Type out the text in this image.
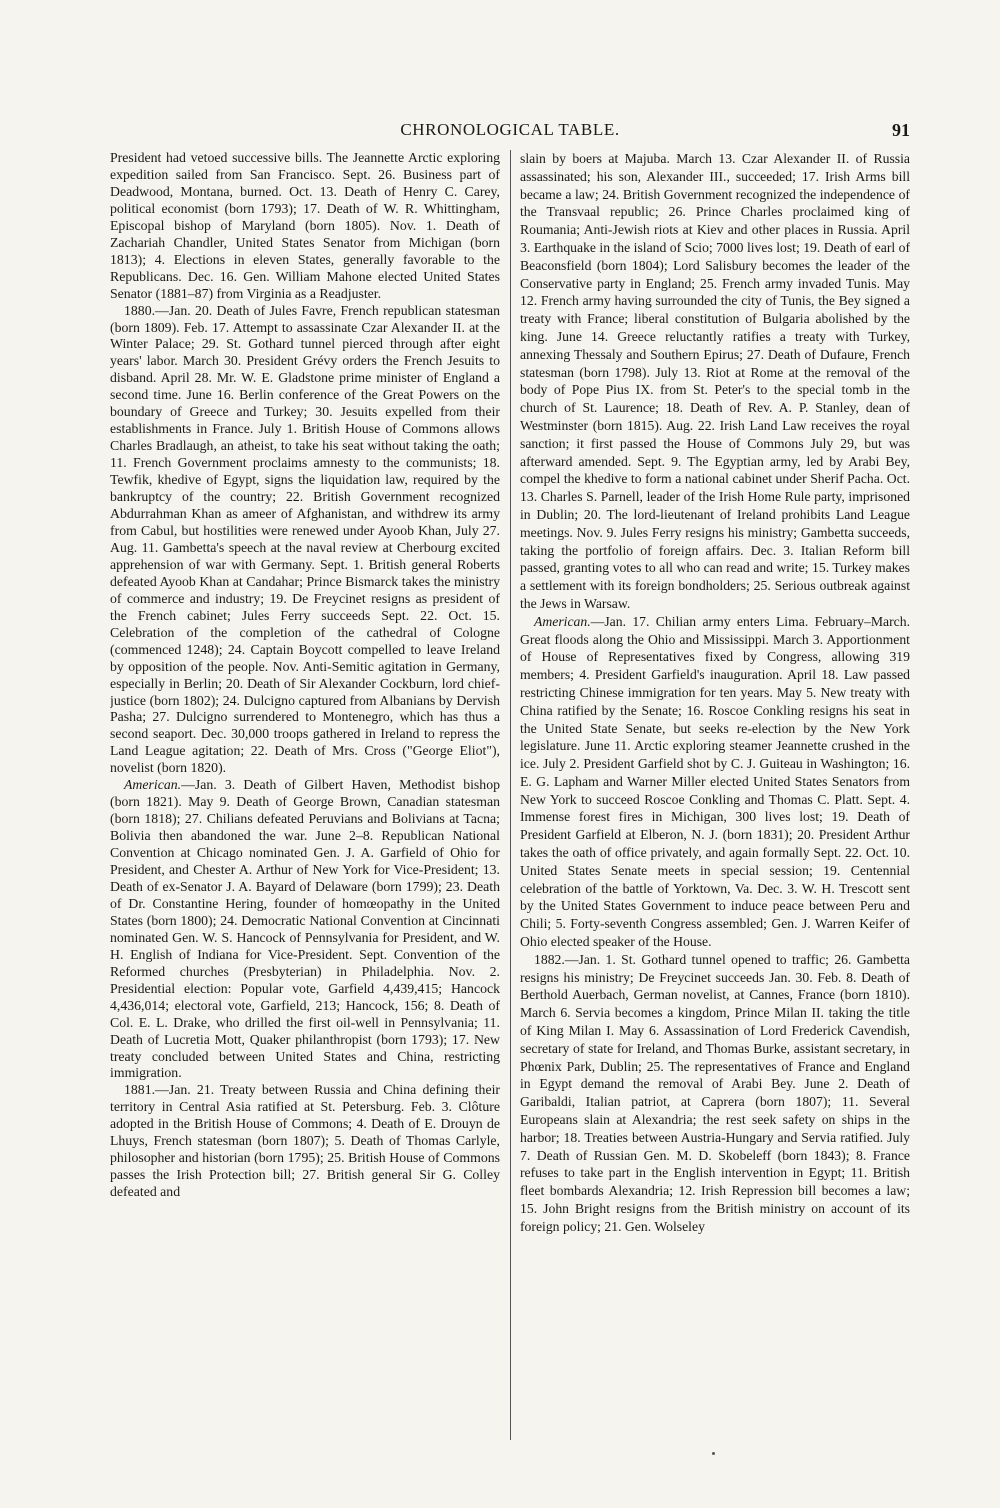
CHRONOLOGICAL TABLE.	91

President had vetoed successive bills. The Jeannette Arctic exploring expedition sailed from San Francisco. Sept. 26. Business part of Deadwood, Montana, burned. Oct. 13. Death of Henry C. Carey, political economist (born 1793); 17. Death of W. R. Whittingham, Episcopal bishop of Maryland (born 1805). Nov. 1. Death of Zachariah Chandler, United States Senator from Michigan (born 1813); 4. Elections in eleven States, generally favorable to the Republicans. Dec. 16. Gen. William Mahone elected United States Senator (1881–87) from Virginia as a Readjuster.

1880.—Jan. 20. Death of Jules Favre, French republican statesman (born 1809). Feb. 17. Attempt to assassinate Czar Alexander II. at the Winter Palace; 29. St. Gothard tunnel pierced through after eight years' labor. March 30. President Grévy orders the French Jesuits to disband. April 28. Mr. W. E. Gladstone prime minister of England a second time. June 16. Berlin conference of the Great Powers on the boundary of Greece and Turkey; 30. Jesuits expelled from their establishments in France. July 1. British House of Commons allows Charles Bradlaugh, an atheist, to take his seat without taking the oath; 11. French Government proclaims amnesty to the communists; 18. Tewfik, khedive of Egypt, signs the liquidation law, required by the bankruptcy of the country; 22. British Government recognized Abdurrahman Khan as ameer of Afghanistan, and withdrew its army from Cabul, but hostilities were renewed under Ayoob Khan, July 27. Aug. 11. Gambetta's speech at the naval review at Cherbourg excited apprehension of war with Germany. Sept. 1. British general Roberts defeated Ayoob Khan at Candahar; Prince Bismarck takes the ministry of commerce and industry; 19. De Freycinet resigns as president of the French cabinet; Jules Ferry succeeds Sept. 22. Oct. 15. Celebration of the completion of the cathedral of Cologne (commenced 1248); 24. Captain Boycott compelled to leave Ireland by opposition of the people. Nov. Anti-Semitic agitation in Germany, especially in Berlin; 20. Death of Sir Alexander Cockburn, lord chief-justice (born 1802); 24. Dulcigno captured from Albanians by Dervish Pasha; 27. Dulcigno surrendered to Montenegro, which has thus a second seaport. Dec. 30,000 troops gathered in Ireland to repress the Land League agitation; 22. Death of Mrs. Cross ("George Eliot"), novelist (born 1820).

American.—Jan. 3. Death of Gilbert Haven, Methodist bishop (born 1821). May 9. Death of George Brown, Canadian statesman (born 1818); 27. Chilians defeated Peruvians and Bolivians at Tacna; Bolivia then abandoned the war. June 2–8. Republican National Convention at Chicago nominated Gen. J. A. Garfield of Ohio for President, and Chester A. Arthur of New York for Vice-President; 13. Death of ex-Senator J. A. Bayard of Delaware (born 1799); 23. Death of Dr. Constantine Hering, founder of homœopathy in the United States (born 1800); 24. Democratic National Convention at Cincinnati nominated Gen. W. S. Hancock of Pennsylvania for President, and W. H. English of Indiana for Vice-President. Sept. Convention of the Reformed churches (Presbyterian) in Philadelphia. Nov. 2. Presidential election: Popular vote, Garfield 4,439,415; Hancock 4,436,014; electoral vote, Garfield, 213; Hancock, 156; 8. Death of Col. E. L. Drake, who drilled the first oil-well in Pennsylvania; 11. Death of Lucretia Mott, Quaker philanthropist (born 1793); 17. New treaty concluded between United States and China, restricting immigration.

1881.—Jan. 21. Treaty between Russia and China defining their territory in Central Asia ratified at St. Petersburg. Feb. 3. Clôture adopted in the British House of Commons; 4. Death of E. Drouyn de Lhuys, French statesman (born 1807); 5. Death of Thomas Carlyle, philosopher and historian (born 1795); 25. British House of Commons passes the Irish Protection bill; 27. British general Sir G. Colley defeated and

slain by boers at Majuba. March 13. Czar Alexander II. of Russia assassinated; his son, Alexander III., succeeded; 17. Irish Arms bill became a law; 24. British Government recognized the independence of the Transvaal republic; 26. Prince Charles proclaimed king of Roumania; Anti-Jewish riots at Kiev and other places in Russia. April 3. Earthquake in the island of Scio; 7000 lives lost; 19. Death of earl of Beaconsfield (born 1804); Lord Salisbury becomes the leader of the Conservative party in England; 25. French army invaded Tunis. May 12. French army having surrounded the city of Tunis, the Bey signed a treaty with France; liberal constitution of Bulgaria abolished by the king. June 14. Greece reluctantly ratifies a treaty with Turkey, annexing Thessaly and Southern Epirus; 27. Death of Dufaure, French statesman (born 1798). July 13. Riot at Rome at the removal of the body of Pope Pius IX. from St. Peter's to the special tomb in the church of St. Laurence; 18. Death of Rev. A. P. Stanley, dean of Westminster (born 1815). Aug. 22. Irish Land Law receives the royal sanction; it first passed the House of Commons July 29, but was afterward amended. Sept. 9. The Egyptian army, led by Arabi Bey, compel the khedive to form a national cabinet under Sherif Pacha. Oct. 13. Charles S. Parnell, leader of the Irish Home Rule party, imprisoned in Dublin; 20. The lord-lieutenant of Ireland prohibits Land League meetings. Nov. 9. Jules Ferry resigns his ministry; Gambetta succeeds, taking the portfolio of foreign affairs. Dec. 3. Italian Reform bill passed, granting votes to all who can read and write; 15. Turkey makes a settlement with its foreign bondholders; 25. Serious outbreak against the Jews in Warsaw.

American.—Jan. 17. Chilian army enters Lima. February–March. Great floods along the Ohio and Mississippi. March 3. Apportionment of House of Representatives fixed by Congress, allowing 319 members; 4. President Garfield's inauguration. April 18. Law passed restricting Chinese immigration for ten years. May 5. New treaty with China ratified by the Senate; 16. Roscoe Conkling resigns his seat in the United State Senate, but seeks re-election by the New York legislature. June 11. Arctic exploring steamer Jeannette crushed in the ice. July 2. President Garfield shot by C. J. Guiteau in Washington; 16. E. G. Lapham and Warner Miller elected United States Senators from New York to succeed Roscoe Conkling and Thomas C. Platt. Sept. 4. Immense forest fires in Michigan, 300 lives lost; 19. Death of President Garfield at Elberon, N. J. (born 1831); 20. President Arthur takes the oath of office privately, and again formally Sept. 22. Oct. 10. United States Senate meets in special session; 19. Centennial celebration of the battle of Yorktown, Va. Dec. 3. W. H. Trescott sent by the United States Government to induce peace between Peru and Chili; 5. Forty-seventh Congress assembled; Gen. J. Warren Keifer of Ohio elected speaker of the House.

1882.—Jan. 1. St. Gothard tunnel opened to traffic; 26. Gambetta resigns his ministry; De Freycinet succeeds Jan. 30. Feb. 8. Death of Berthold Auerbach, German novelist, at Cannes, France (born 1810). March 6. Servia becomes a kingdom, Prince Milan II. taking the title of King Milan I. May 6. Assassination of Lord Frederick Cavendish, secretary of state for Ireland, and Thomas Burke, assistant secretary, in Phœnix Park, Dublin; 25. The representatives of France and England in Egypt demand the removal of Arabi Bey. June 2. Death of Garibaldi, Italian patriot, at Caprera (born 1807); 11. Several Europeans slain at Alexandria; the rest seek safety on ships in the harbor; 18. Treaties between Austria-Hungary and Servia ratified. July 7. Death of Russian Gen. M. D. Skobeleff (born 1843); 8. France refuses to take part in the English intervention in Egypt; 11. British fleet bombards Alexandria; 12. Irish Repression bill becomes a law; 15. John Bright resigns from the British ministry on account of its foreign policy; 21. Gen. Wolseley
